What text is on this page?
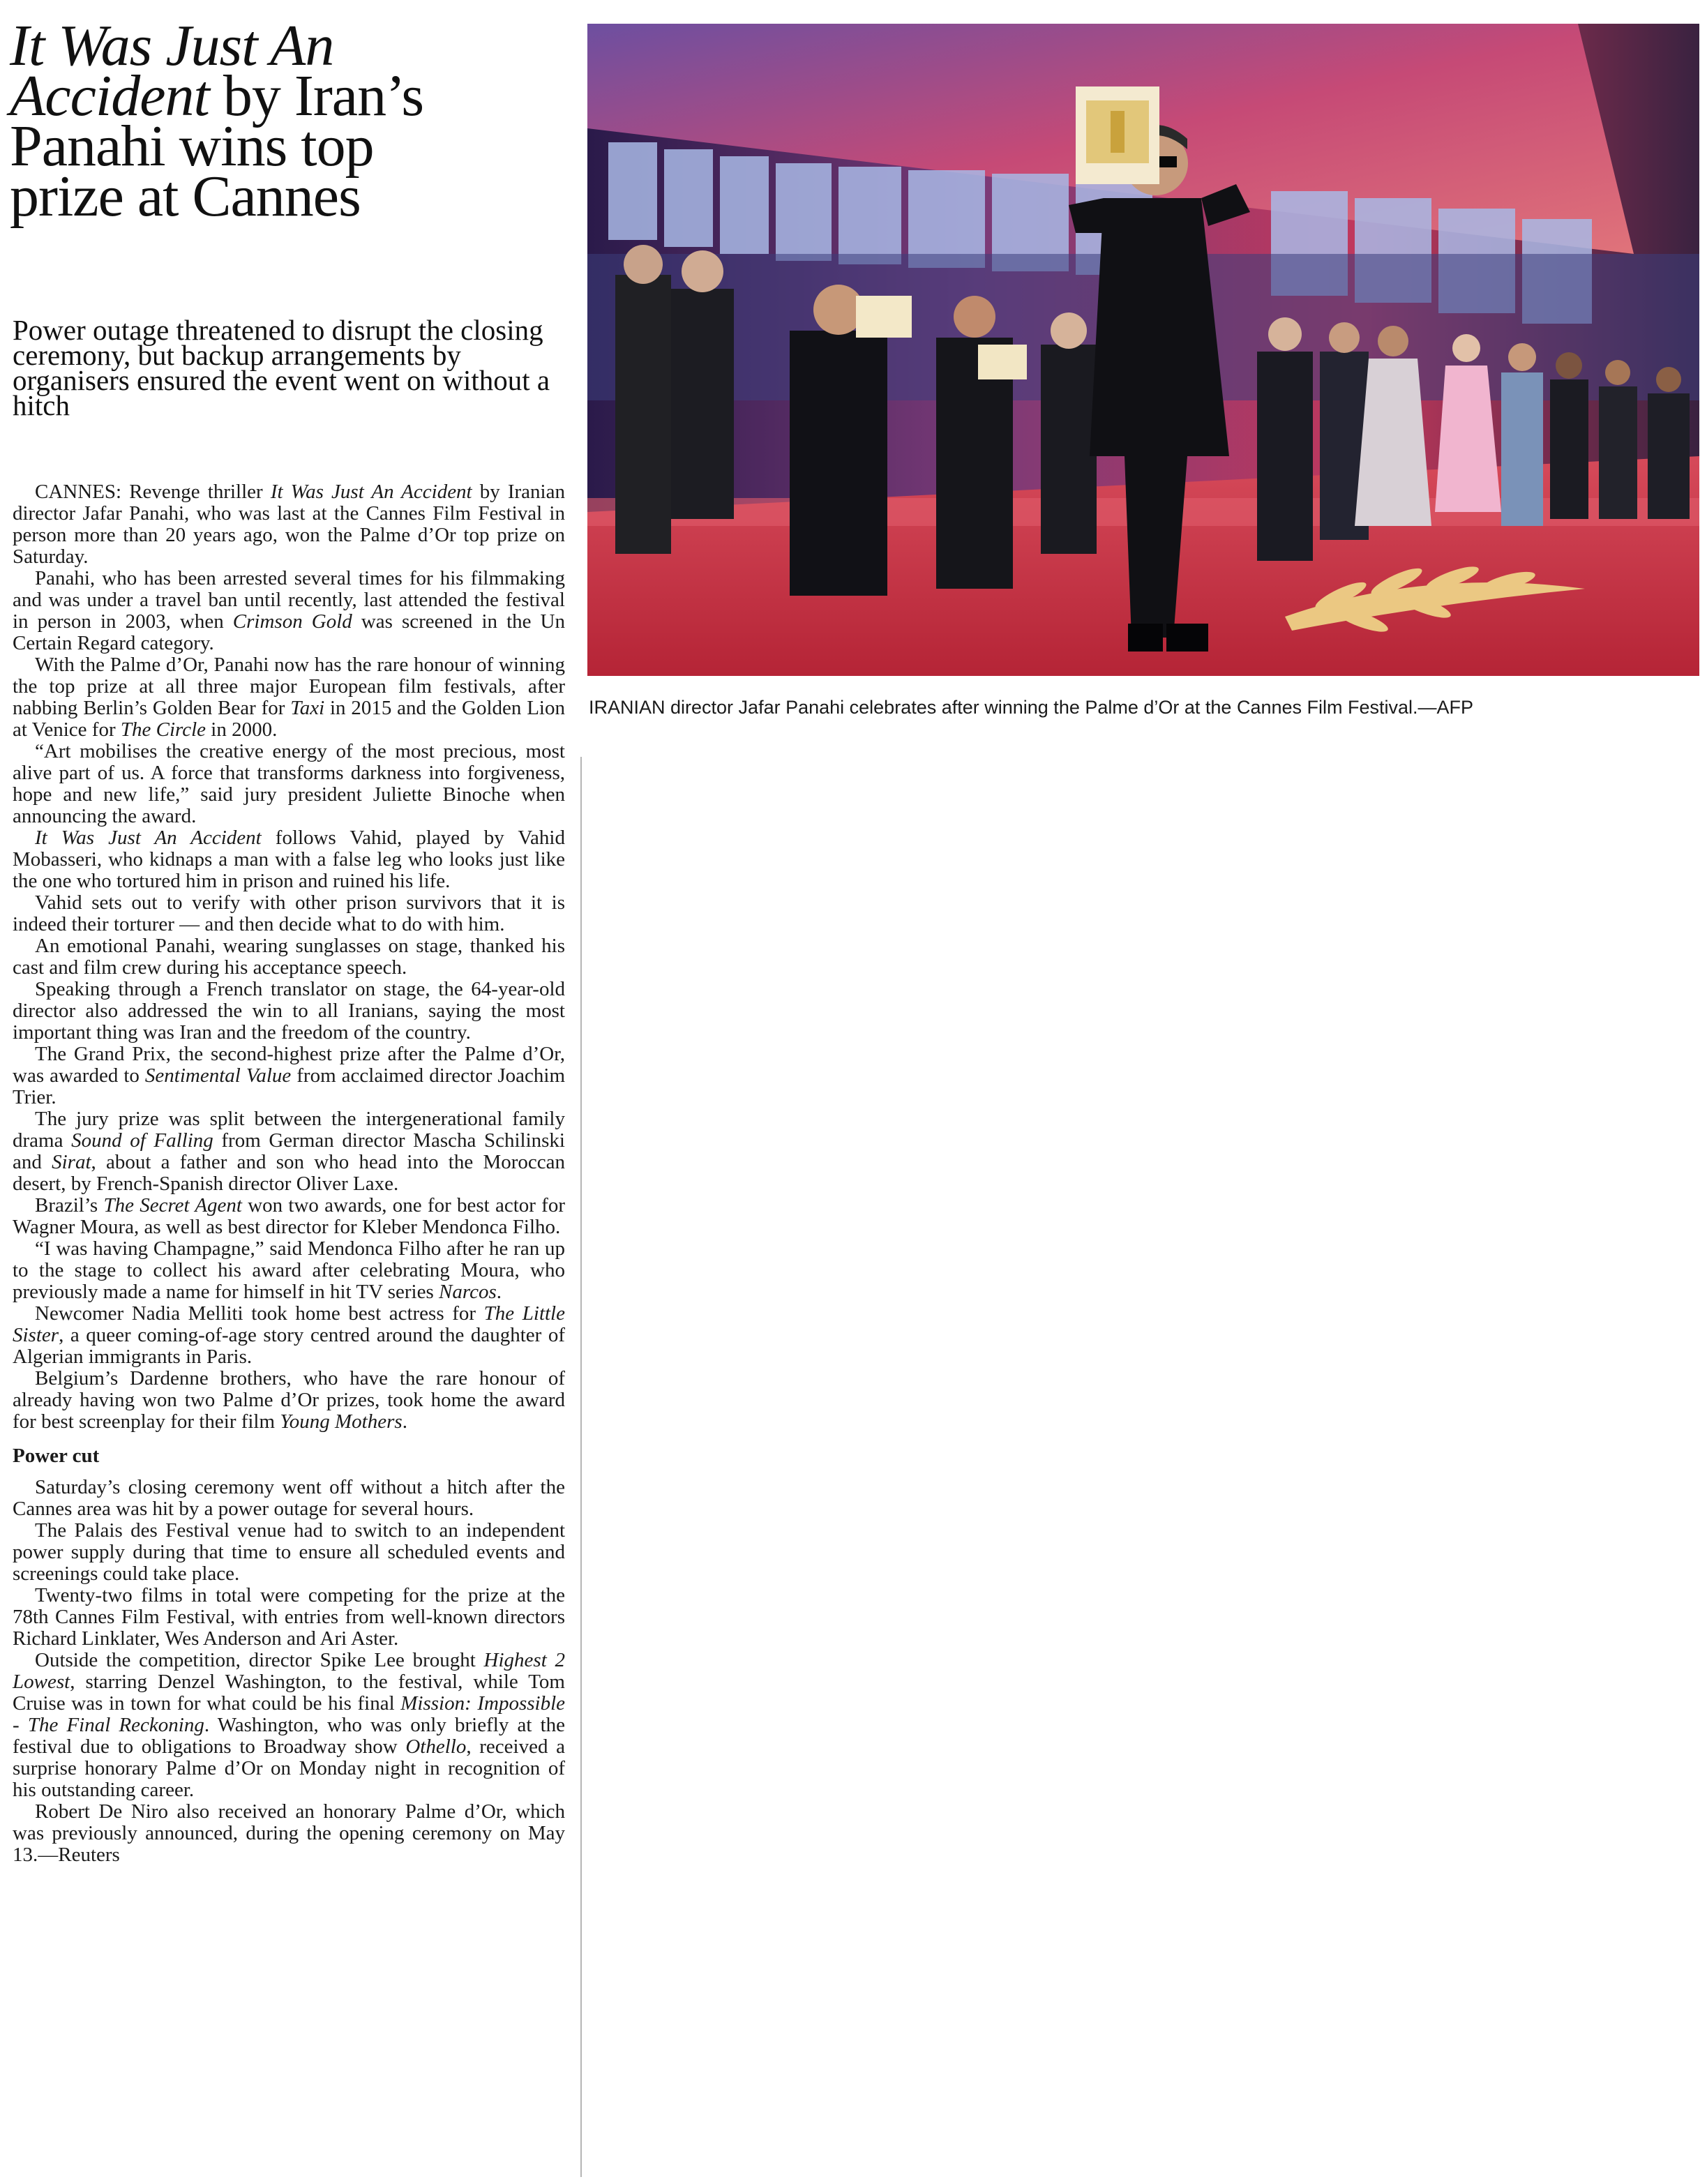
It Was Just An
Accident by Iran’s
Panahi wins top
prize at Cannes

Power outage threatened to disrupt the closing ceremony, but backup arrangements by organisers ensured the event went on without a hitch

CANNES: Revenge thriller It Was Just An Accident by Iranian director Jafar Panahi, who was last at the Cannes Film Festival in person more than 20 years ago, won the Palme d’Or top prize on Saturday.

Panahi, who has been arrested several times for his filmmaking and was under a travel ban until recently, last attended the festival in person in 2003, when Crimson Gold was screened in the Un Certain Regard category.

With the Palme d’Or, Panahi now has the rare honour of winning the top prize at all three major European film festivals, after nabbing Berlin’s Golden Bear for Taxi in 2015 and the Golden Lion at Venice for The Circle in 2000.

“Art mobilises the creative energy of the most precious, most alive part of us. A force that transforms darkness into forgiveness, hope and new life,” said jury president Juliette Binoche when announcing the award.

It Was Just An Accident follows Vahid, played by Vahid Mobasseri, who kidnaps a man with a false leg who looks just like the one who tortured him in prison and ruined his life.

Vahid sets out to verify with other prison survivors that it is indeed their torturer — and then decide what to do with him.

An emotional Panahi, wearing sunglasses on stage, thanked his cast and film crew during his acceptance speech.

Speaking through a French translator on stage, the 64-year-old director also addressed the win to all Iranians, saying the most important thing was Iran and the freedom of the country.

The Grand Prix, the second-highest prize after the Palme d’Or, was awarded to Sentimental Value from acclaimed director Joachim Trier.

The jury prize was split between the intergenerational family drama Sound of Falling from German director Mascha Schilinski and Sirat, about a father and son who head into the Moroccan desert, by French-Spanish director Oliver Laxe.

Brazil’s The Secret Agent won two awards, one for best actor for Wagner Moura, as well as best director for Kleber Mendonca Filho.

“I was having Champagne,” said Mendonca Filho after he ran up to the stage to collect his award after celebrating Moura, who previously made a name for himself in hit TV series Narcos.

Newcomer Nadia Melliti took home best actress for The Little Sister, a queer coming-of-age story centred around the daughter of Algerian immigrants in Paris.

Belgium’s Dardenne brothers, who have the rare honour of already having won two Palme d’Or prizes, took home the award for best screenplay for their film Young Mothers.

Power cut

Saturday’s closing ceremony went off without a hitch after the Cannes area was hit by a power outage for several hours.

The Palais des Festival venue had to switch to an independent power supply during that time to ensure all scheduled events and screenings could take place.

Twenty-two films in total were competing for the prize at the 78th Cannes Film Festival, with entries from well-known directors Richard Linklater, Wes Anderson and Ari Aster.

Outside the competition, director Spike Lee brought Highest 2 Lowest, starring Denzel Washington, to the festival, while Tom Cruise was in town for what could be his final Mission: Impossible - The Final Reckoning. Washington, who was only briefly at the festival due to obligations to Broadway show Othello, received a surprise honorary Palme d’Or on Monday night in recognition of his outstanding career.

Robert De Niro also received an honorary Palme d’Or, which was previously announced, during the opening ceremony on May 13.—Reuters

IRANIAN director Jafar Panahi celebrates after winning the Palme d’Or at the Cannes Film Festival.—AFP
